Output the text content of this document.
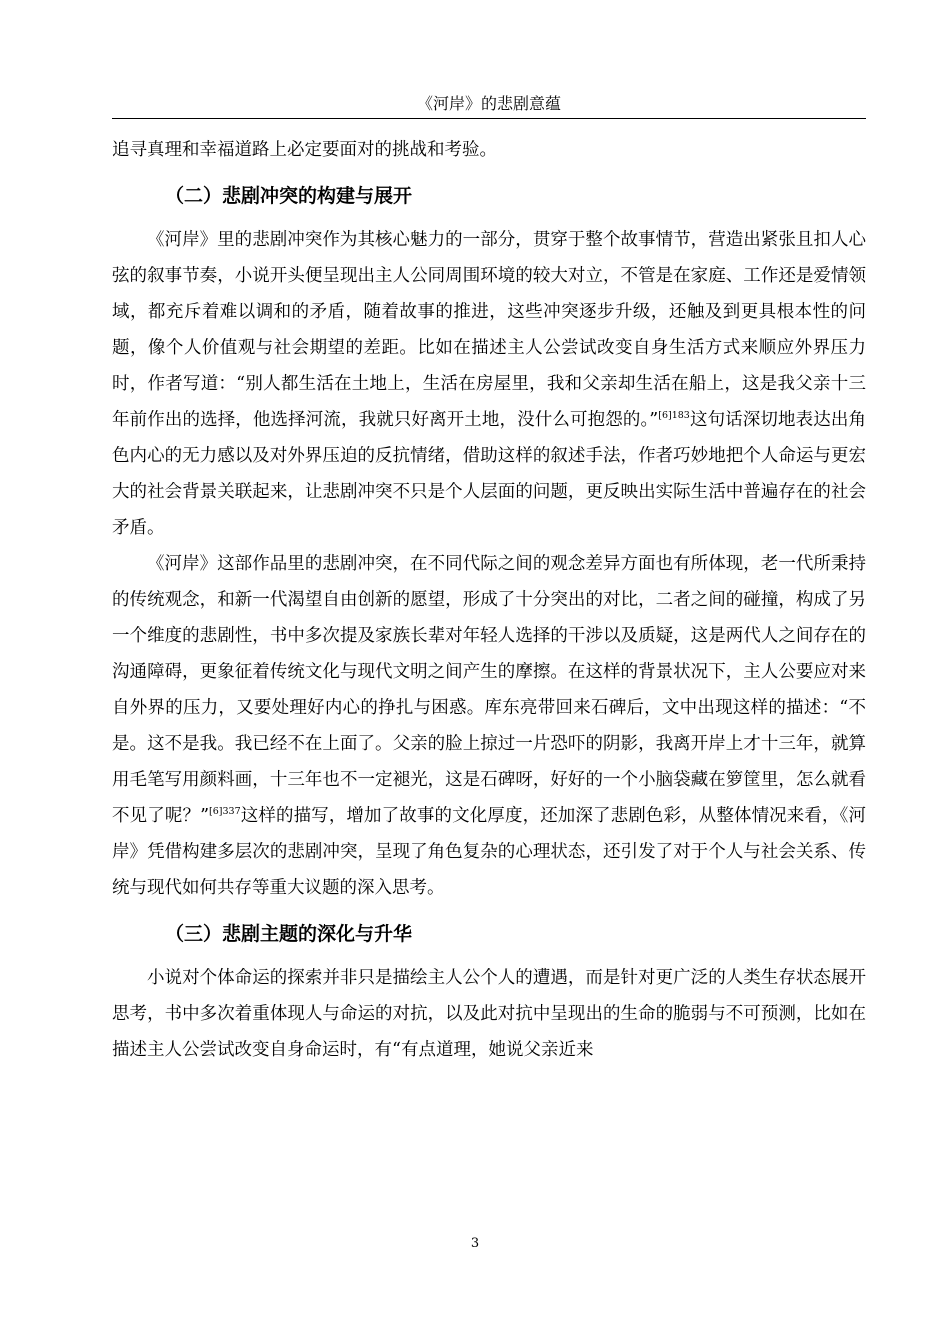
《河岸》的悲剧意蕴

追寻真理和幸福道路上必定要面对的挑战和考验。

（二）悲剧冲突的构建与展开

《河岸》里的悲剧冲突作为其核心魅力的一部分，贯穿于整个故事情节，营造出紧张且扣人心弦的叙事节奏，小说开头便呈现出主人公同周围环境的较大对立，不管是在家庭、工作还是爱情领域，都充斥着难以调和的矛盾，随着故事的推进，这些冲突逐步升级，还触及到更具根本性的问题，像个人价值观与社会期望的差距。比如在描述主人公尝试改变自身生活方式来顺应外界压力时，作者写道：“别人都生活在土地上，生活在房屋里，我和父亲却生活在船上，这是我父亲十三年前作出的选择，他选择河流，我就只好离开土地，没什么可抱怨的。”$^{[6]183}$这句话深切地表达出角色内心的无力感以及对外界压迫的反抗情绪，借助这样的叙述手法，作者巧妙地把个人命运与更宏大的社会背景关联起来，让悲剧冲突不只是个人层面的问题，更反映出实际生活中普遍存在的社会矛盾。

《河岸》这部作品里的悲剧冲突，在不同代际之间的观念差异方面也有所体现，老一代所秉持的传统观念，和新一代渴望自由创新的愿望，形成了十分突出的对比，二者之间的碰撞，构成了另一个维度的悲剧性，书中多次提及家族长辈对年轻人选择的干涉以及质疑，这是两代人之间存在的沟通障碍，更象征着传统文化与现代文明之间产生的摩擦。在这样的背景状况下，主人公要应对来自外界的压力，又要处理好内心的挣扎与困惑。库东亮带回来石碑后，文中出现这样的描述：“不是。这不是我。我已经不在上面了。父亲的脸上掠过一片恐吓的阴影，我离开岸上才十三年，就算用毛笔写用颜料画，十三年也不一定褪光，这是石碑呀，好好的一个小脑袋藏在箩筐里，怎么就看不见了呢？”$^{[6]337}$这样的描写，增加了故事的文化厚度，还加深了悲剧色彩，从整体情况来看，《河岸》凭借构建多层次的悲剧冲突，呈现了角色复杂的心理状态，还引发了对于个人与社会关系、传统与现代如何共存等重大议题的深入思考。

（三）悲剧主题的深化与升华

小说对个体命运的探索并非只是描绘主人公个人的遭遇，而是针对更广泛的人类生存状态展开思考，书中多次着重体现人与命运的对抗，以及此对抗中呈现出的生命的脆弱与不可预测，比如在描述主人公尝试改变自身命运时，有“有点道理，她说父亲近来

3
